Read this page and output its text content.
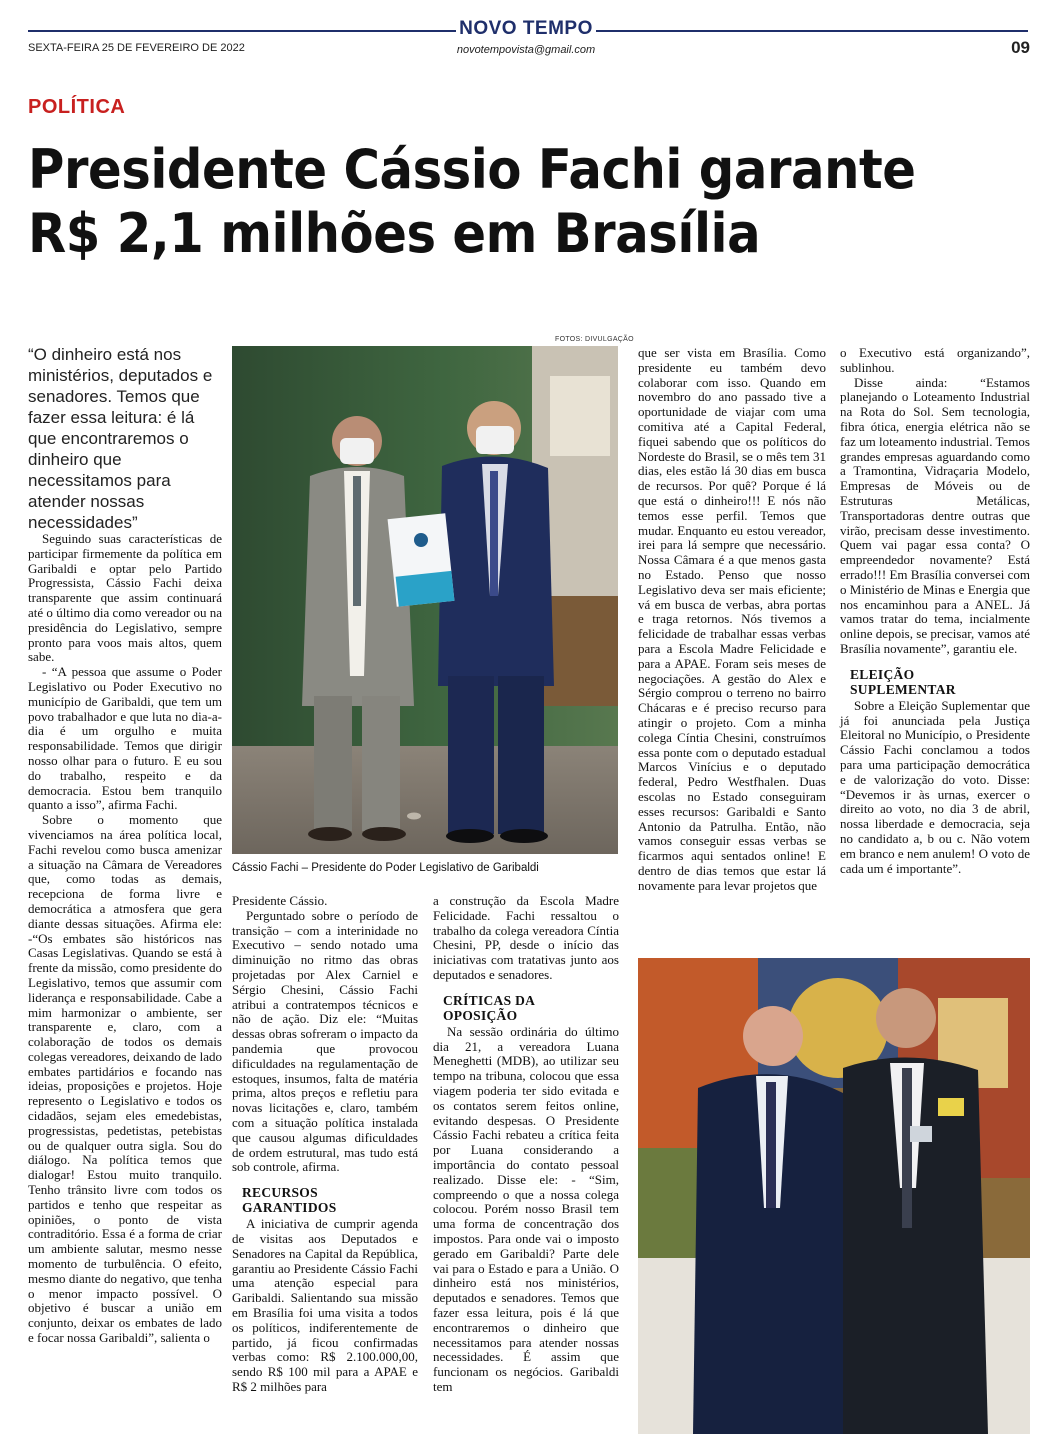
NOVO TEMPO
novotempovista@gmail.com
SEXTA-FEIRA 25 DE FEVEREIRO DE 2022	09
POLÍTICA
Presidente Cássio Fachi garante
R$ 2,1 milhões em Brasília
“O dinheiro está nos ministérios, deputados e senadores. Temos que fazer essa leitura: é lá que encontraremos o dinheiro que necessitamos para atender nossas necessidades”
FOTOS: DIVULGAÇÃO
Cássio Fachi – Presidente do Poder Legislativo de Garibaldi

Seguindo suas características de participar firmemente da política em Garibaldi e optar pelo Partido Progressista, Cássio Fachi deixa transparente que assim continuará até o último dia como vereador ou na presidência do Legislativo, sempre pronto para voos mais altos, quem sabe.

- “A pessoa que assume o Poder Legislativo ou Poder Executivo no município de Garibaldi, que tem um povo trabalhador e que luta no dia-a-dia é um orgulho e muita responsabilidade. Temos que dirigir nosso olhar para o futuro. E eu sou do trabalho, respeito e da democracia. Estou bem tranquilo quanto a isso”, afirma Fachi.

Sobre o momento que vivenciamos na área política local, Fachi revelou como busca amenizar a situação na Câmara de Vereadores que, como todas as demais, recepciona de forma livre e democrática a atmosfera que gera diante dessas situações. Afirma ele: -“Os embates são históricos nas Casas Legislativas. Quando se está à frente da missão, como presidente do Legislativo, temos que assumir com liderança e responsabilidade. Cabe a mim harmonizar o ambiente, ser transparente e, claro, com a colaboração de todos os demais colegas vereadores, deixando de lado embates partidários e focando nas ideias, proposições e projetos. Hoje represento o Legislativo e todos os cidadãos, sejam eles emedebistas, progressistas, pedetistas, petebistas ou de qualquer outra sigla. Sou do diálogo. Na política temos que dialogar! Estou muito tranquilo. Tenho trânsito livre com todos os partidos e tenho que respeitar as opiniões, o ponto de vista contraditório. Essa é a forma de criar um ambiente salutar, mesmo nesse momento de turbulência. O efeito, mesmo diante do negativo, que tenha o menor impacto possível. O objetivo é buscar a união em conjunto, deixar os embates de lado e focar nossa Garibaldi”, salienta o

Presidente Cássio.

Perguntado sobre o período de transição – com a interinidade no Executivo – sendo notado uma diminuição no ritmo das obras projetadas por Alex Carniel e Sérgio Chesini, Cássio Fachi atribui a contratempos técnicos e não de ação. Diz ele: “Muitas dessas obras sofreram o impacto da pandemia que provocou dificuldades na regulamentação de estoques, insumos, falta de matéria prima, altos preços e refletiu para novas licitações e, claro, também com a situação política instalada que causou algumas dificuldades de ordem estrutural, mas tudo está sob controle, afirma.

RECURSOS
GARANTIDOS

A iniciativa de cumprir agenda de visitas aos Deputados e Senadores na Capital da República, garantiu ao Presidente Cássio Fachi uma atenção especial para Garibaldi. Salientando sua missão em Brasília foi uma visita a todos os políticos, indiferentemente de partido, já ficou confirmadas verbas como: R$ 2.100.000,00, sendo R$ 100 mil para a APAE e R$ 2 milhões para

a construção da Escola Madre Felicidade. Fachi ressaltou o trabalho da colega vereadora Cíntia Chesini, PP, desde o início das iniciativas com tratativas junto aos deputados e senadores.

CRÍTICAS DA
OPOSIÇÃO

Na sessão ordinária do último dia 21, a vereadora Luana Meneghetti (MDB), ao utilizar seu tempo na tribuna, colocou que essa viagem poderia ter sido evitada e os contatos serem feitos online, evitando despesas. O Presidente Cássio Fachi rebateu a crítica feita por Luana considerando a importância do contato pessoal realizado. Disse ele: - “Sim, compreendo o que a nossa colega colocou. Porém nosso Brasil tem uma forma de concentração dos impostos. Para onde vai o imposto gerado em Garibaldi? Parte dele vai para o Estado e para a União. O dinheiro está nos ministérios, deputados e senadores. Temos que fazer essa leitura, pois é lá que encontraremos o dinheiro que necessitamos para atender nossas necessidades. É assim que funcionam os negócios. Garibaldi tem

que ser vista em Brasília. Como presidente eu também devo colaborar com isso. Quando em novembro do ano passado tive a oportunidade de viajar com uma comitiva até a Capital Federal, fiquei sabendo que os políticos do Nordeste do Brasil, se o mês tem 31 dias, eles estão lá 30 dias em busca de recursos. Por quê? Porque é lá que está o dinheiro!!! E nós não temos esse perfil. Temos que mudar. Enquanto eu estou vereador, irei para lá sempre que necessário. Nossa Câmara é a que menos gasta no Estado. Penso que nosso Legislativo deva ser mais eficiente; vá em busca de verbas, abra portas e traga retornos. Nós tivemos a felicidade de trabalhar essas verbas para a Escola Madre Felicidade e para a APAE. Foram seis meses de negociações. A gestão do Alex e Sérgio comprou o terreno no bairro Chácaras e é preciso recurso para atingir o projeto. Com a minha colega Cíntia Chesini, construímos essa ponte com o deputado estadual Marcos Vinícius e o deputado federal, Pedro Westfhalen. Duas escolas no Estado conseguiram esses recursos: Garibaldi e Santo Antonio da Patrulha. Então, não vamos conseguir essas verbas se ficarmos aqui sentados online! E dentro de dias temos que estar lá novamente para levar projetos que

o Executivo está organizando”, sublinhou.

Disse ainda: “Estamos planejando o Loteamento Industrial na Rota do Sol. Sem tecnologia, fibra ótica, energia elétrica não se faz um loteamento industrial. Temos grandes empresas aguardando como a Tramontina, Vidraçaria Modelo, Empresas de Móveis ou de Estruturas Metálicas, Transportadoras dentre outras que virão, precisam desse investimento. Quem vai pagar essa conta? O empreendedor novamente? Está errado!!! Em Brasília conversei com o Ministério de Minas e Energia que nos encaminhou para a ANEL. Já vamos tratar do tema, incialmente online depois, se precisar, vamos até Brasília novamente”, garantiu ele.

ELEIÇÃO
SUPLEMENTAR

Sobre a Eleição Suplementar que já foi anunciada pela Justiça Eleitoral no Município, o Presidente Cássio Fachi conclamou a todos para uma participação democrática e de valorização do voto. Disse: “Devemos ir às urnas, exercer o direito ao voto, no dia 3 de abril, nossa liberdade e democracia, seja no candidato a, b ou c. Não votem em branco e nem anulem! O voto de cada um é importante”.
